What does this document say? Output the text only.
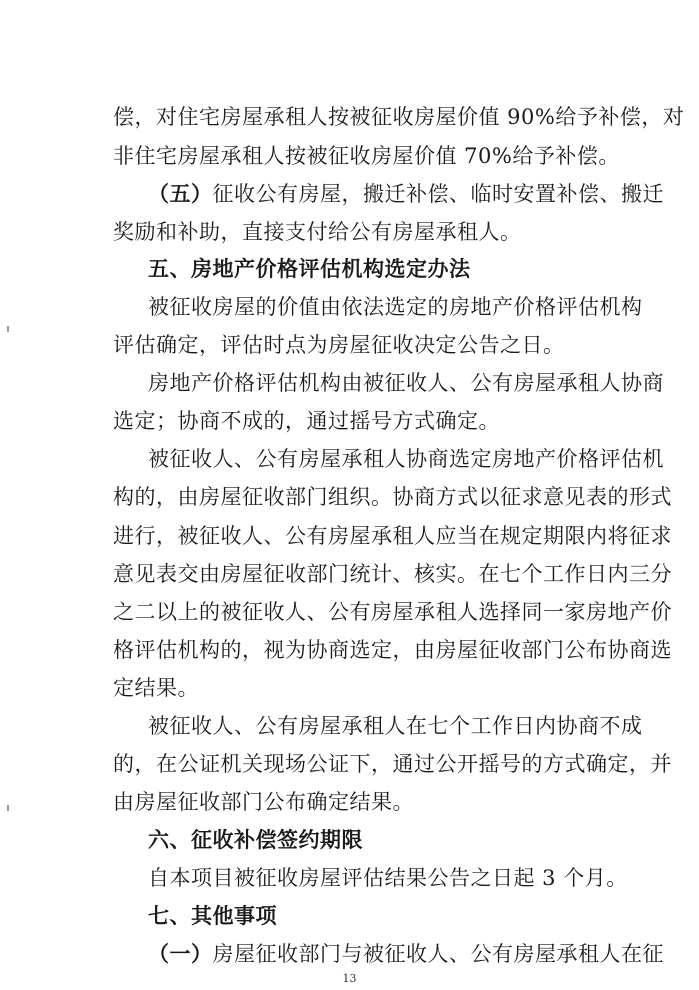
偿，对住宅房屋承租人按被征收房屋价值 90%给予补偿，对
非住宅房屋承租人按被征收房屋价值 70%给予补偿。
（五）征收公有房屋，搬迁补偿、临时安置补偿、搬迁
奖励和补助，直接支付给公有房屋承租人。
五、房地产价格评估机构选定办法
被征收房屋的价值由依法选定的房地产价格评估机构
评估确定，评估时点为房屋征收决定公告之日。
房地产价格评估机构由被征收人、公有房屋承租人协商
选定；协商不成的，通过摇号方式确定。
被征收人、公有房屋承租人协商选定房地产价格评估机
构的，由房屋征收部门组织。协商方式以征求意见表的形式
进行，被征收人、公有房屋承租人应当在规定期限内将征求
意见表交由房屋征收部门统计、核实。在七个工作日内三分
之二以上的被征收人、公有房屋承租人选择同一家房地产价
格评估机构的，视为协商选定，由房屋征收部门公布协商选
定结果。
被征收人、公有房屋承租人在七个工作日内协商不成
的，在公证机关现场公证下，通过公开摇号的方式确定，并
由房屋征收部门公布确定结果。
六、征收补偿签约期限
自本项目被征收房屋评估结果公告之日起 3 个月。
七、其他事项
（一）房屋征收部门与被征收人、公有房屋承租人在征
13
